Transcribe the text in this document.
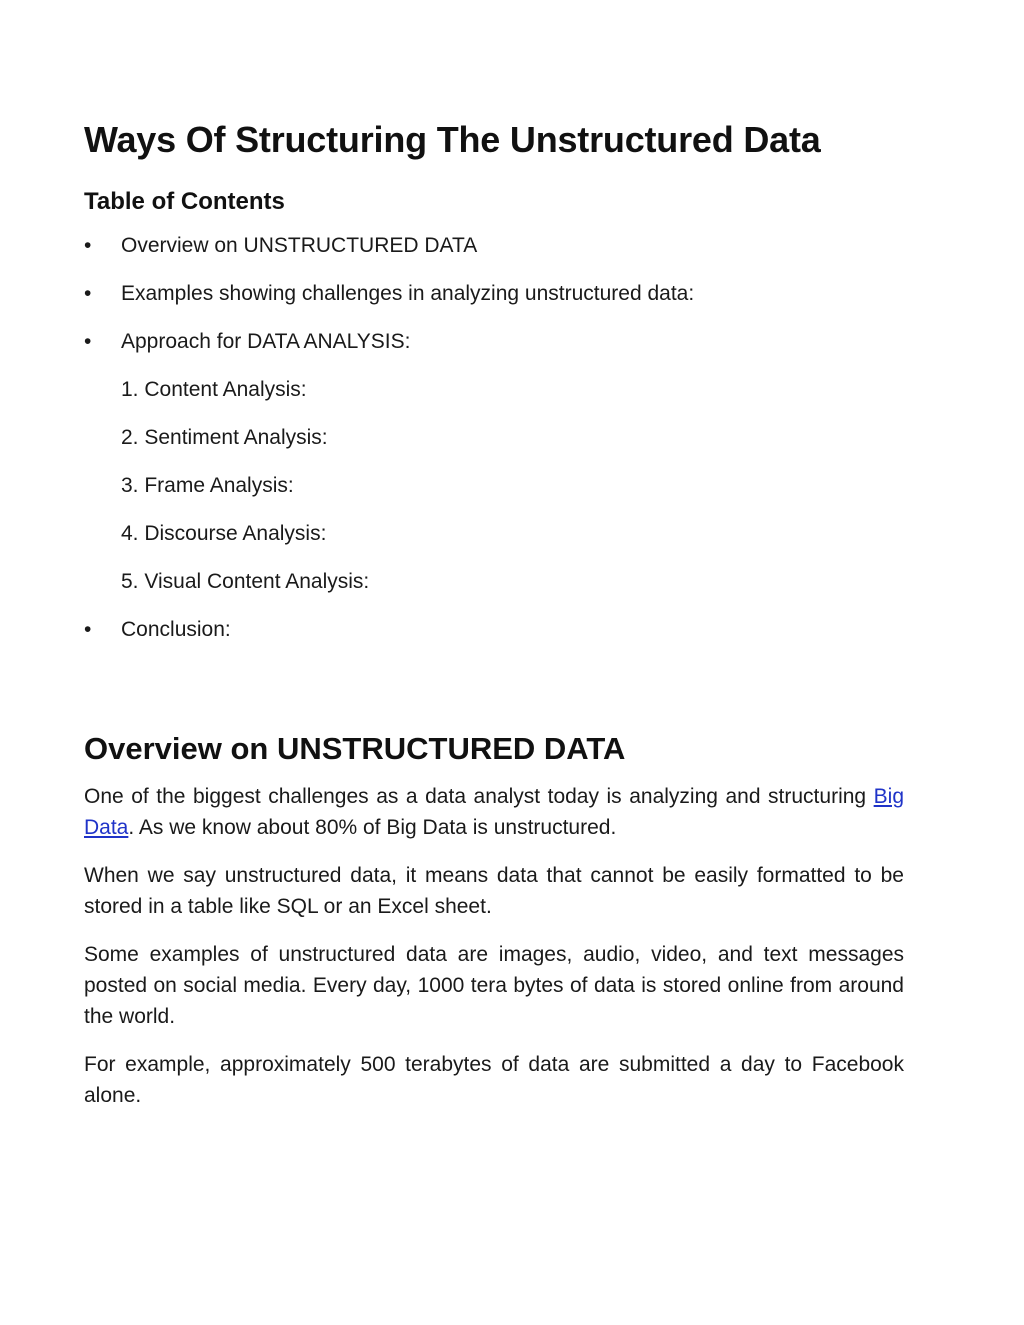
Ways Of Structuring The Unstructured Data
Table of Contents
•	Overview on UNSTRUCTURED DATA
•	Examples showing challenges in analyzing unstructured data:
•	Approach for DATA ANALYSIS:
1. Content Analysis:
2. Sentiment Analysis:
3. Frame Analysis:
4. Discourse Analysis:
5. Visual Content Analysis:
•	Conclusion:
Overview on UNSTRUCTURED DATA

One of the biggest challenges as a data analyst today is analyzing and structuring Big Data. As we know about 80% of Big Data is unstructured.

When we say unstructured data, it means data that cannot be easily formatted to be stored in a table like SQL or an Excel sheet.

Some examples of unstructured data are images, audio, video, and text messages posted on social media. Every day, 1000 tera bytes of data is stored online from around the world.

For example, approximately 500 terabytes of data are submitted a day to Facebook alone.
